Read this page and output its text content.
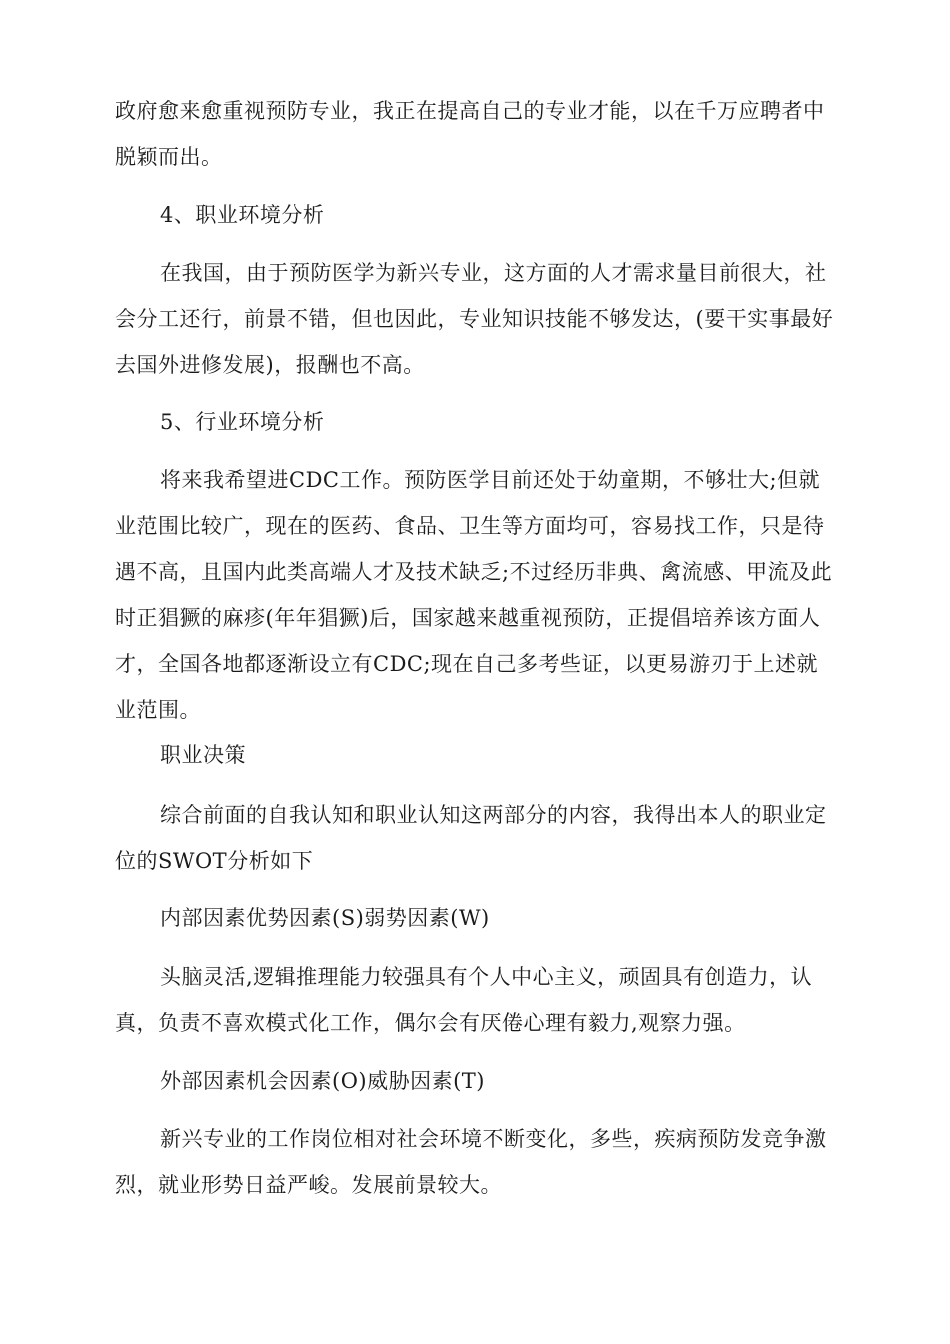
政府愈来愈重视预防专业，我正在提高自己的专业才能，以在千万应聘者中脱颖而出。

4、职业环境分析

在我国，由于预防医学为新兴专业，这方面的人才需求量目前很大，社会分工还行，前景不错，但也因此，专业知识技能不够发达，(要干实事最好去国外进修发展)，报酬也不高。

5、行业环境分析

将来我希望进CDC工作。预防医学目前还处于幼童期，不够壮大;但就业范围比较广，现在的医药、食品、卫生等方面均可，容易找工作，只是待遇不高，且国内此类高端人才及技术缺乏;不过经历非典、禽流感、甲流及此时正猖獗的麻疹(年年猖獗)后，国家越来越重视预防，正提倡培养该方面人才，全国各地都逐渐设立有CDC;现在自己多考些证，以更易游刃于上述就业范围。

职业决策

综合前面的自我认知和职业认知这两部分的内容，我得出本人的职业定位的SWOT分析如下

内部因素优势因素(S)弱势因素(W)

头脑灵活,逻辑推理能力较强具有个人中心主义，顽固具有创造力，认真，负责不喜欢模式化工作，偶尔会有厌倦心理有毅力,观察力强。

外部因素机会因素(O)威胁因素(T)

新兴专业的工作岗位相对社会环境不断变化，多些，疾病预防发竞争激烈，就业形势日益严峻。发展前景较大。
